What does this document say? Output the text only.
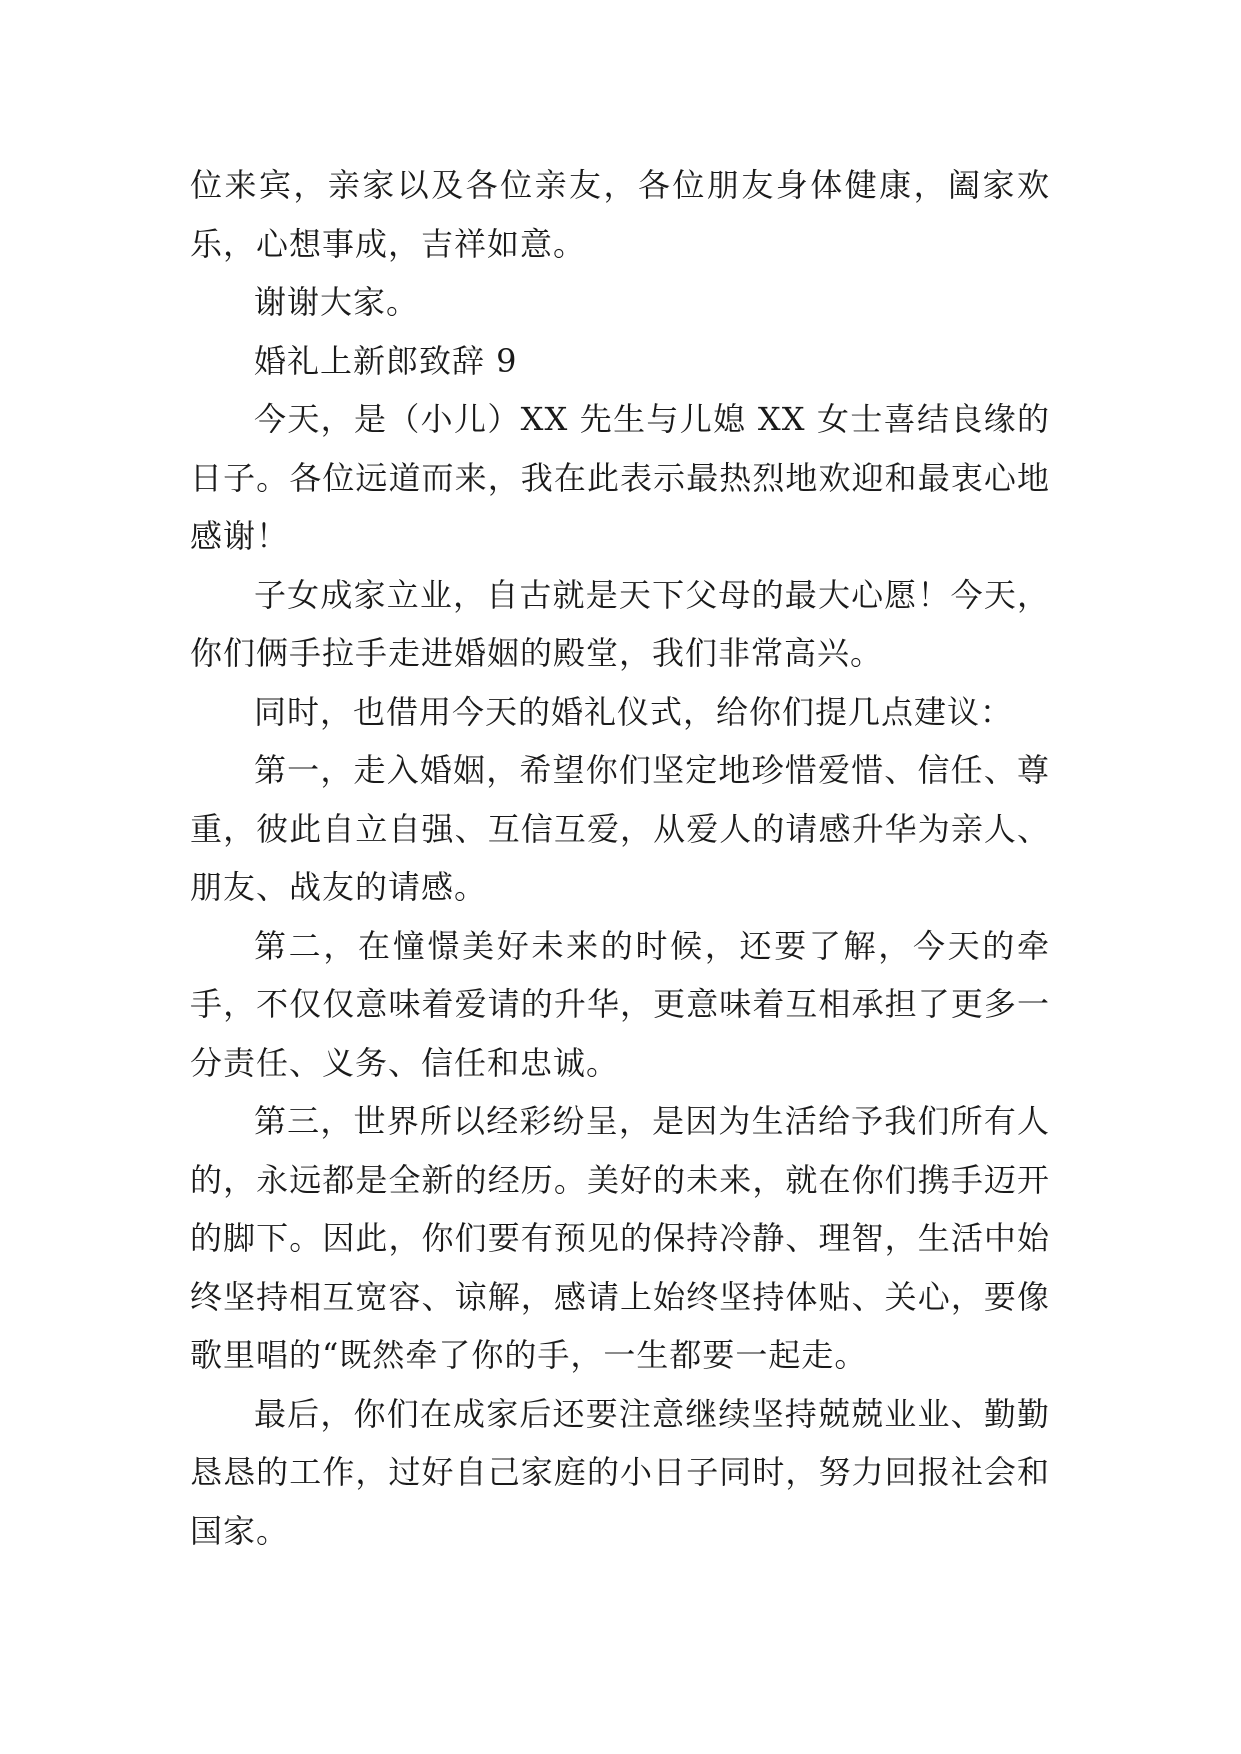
位来宾，亲家以及各位亲友，各位朋友身体健康，阖家欢乐，心想事成，吉祥如意。

谢谢大家。

婚礼上新郎致辞 9

今天，是（小儿）XX 先生与儿媳 XX 女士喜结良缘的日子。各位远道而来，我在此表示最热烈地欢迎和最衷心地感谢！

子女成家立业，自古就是天下父母的最大心愿！今天，你们俩手拉手走进婚姻的殿堂，我们非常高兴。

同时，也借用今天的婚礼仪式，给你们提几点建议：

第一，走入婚姻，希望你们坚定地珍惜爱惜、信任、尊重，彼此自立自强、互信互爱，从爱人的请感升华为亲人、朋友、战友的请感。

第二，在憧憬美好未来的时候，还要了解，今天的牵手，不仅仅意味着爱请的升华，更意味着互相承担了更多一分责任、义务、信任和忠诚。

第三，世界所以经彩纷呈，是因为生活给予我们所有人的，永远都是全新的经历。美好的未来，就在你们携手迈开的脚下。因此，你们要有预见的保持冷静、理智，生活中始终坚持相互宽容、谅解，感请上始终坚持体贴、关心，要像歌里唱的“既然牵了你的手，一生都要一起走。

最后，你们在成家后还要注意继续坚持兢兢业业、勤勤恳恳的工作，过好自己家庭的小日子同时，努力回报社会和国家。
